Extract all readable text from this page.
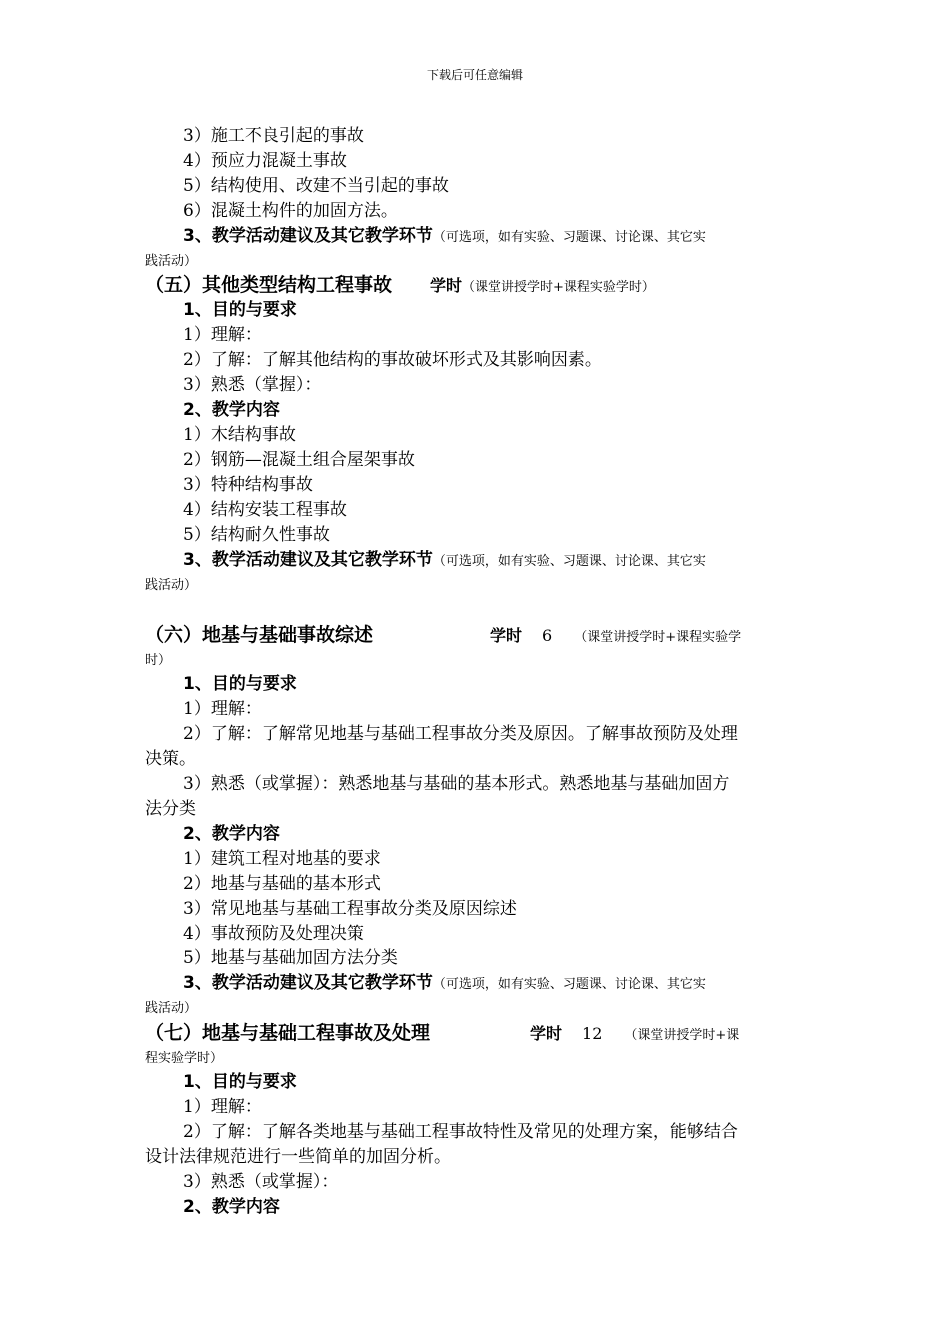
下载后可任意编辑
3）施工不良引起的事故
4）预应力混凝土事故
5）结构使用、改建不当引起的事故
6）混凝土构件的加固方法。
3、教学活动建议及其它教学环节（可选项，如有实验、习题课、讨论课、其它实
践活动）
（五）其他类型结构工程事故 学时（课堂讲授学时+课程实验学时）
1、目的与要求
1）理解：
2）了解：了解其他结构的事故破坏形式及其影响因素。
3）熟悉（掌握）：
2、教学内容
1）木结构事故
2）钢筋—混凝土组合屋架事故
3）特种结构事故
4）结构安装工程事故
5）结构耐久性事故
3、教学活动建议及其它教学环节（可选项，如有实验、习题课、讨论课、其它实
践活动）
（六）地基与基础事故综述	学时 6 （课堂讲授学时+课程实验学
时）
1、目的与要求
1）理解：
2）了解：了解常见地基与基础工程事故分类及原因。了解事故预防及处理
决策。
3）熟悉（或掌握）：熟悉地基与基础的基本形式。熟悉地基与基础加固方
法分类
2、教学内容
1）建筑工程对地基的要求
2）地基与基础的基本形式
3）常见地基与基础工程事故分类及原因综述
4）事故预防及处理决策
5）地基与基础加固方法分类
3、教学活动建议及其它教学环节（可选项，如有实验、习题课、讨论课、其它实
践活动）
（七）地基与基础工程事故及处理	学时 12 （课堂讲授学时+课
程实验学时）
1、目的与要求
1）理解：
2）了解：了解各类地基与基础工程事故特性及常见的处理方案，能够结合
设计法律规范进行一些简单的加固分析。
3）熟悉（或掌握）：
2、教学内容
